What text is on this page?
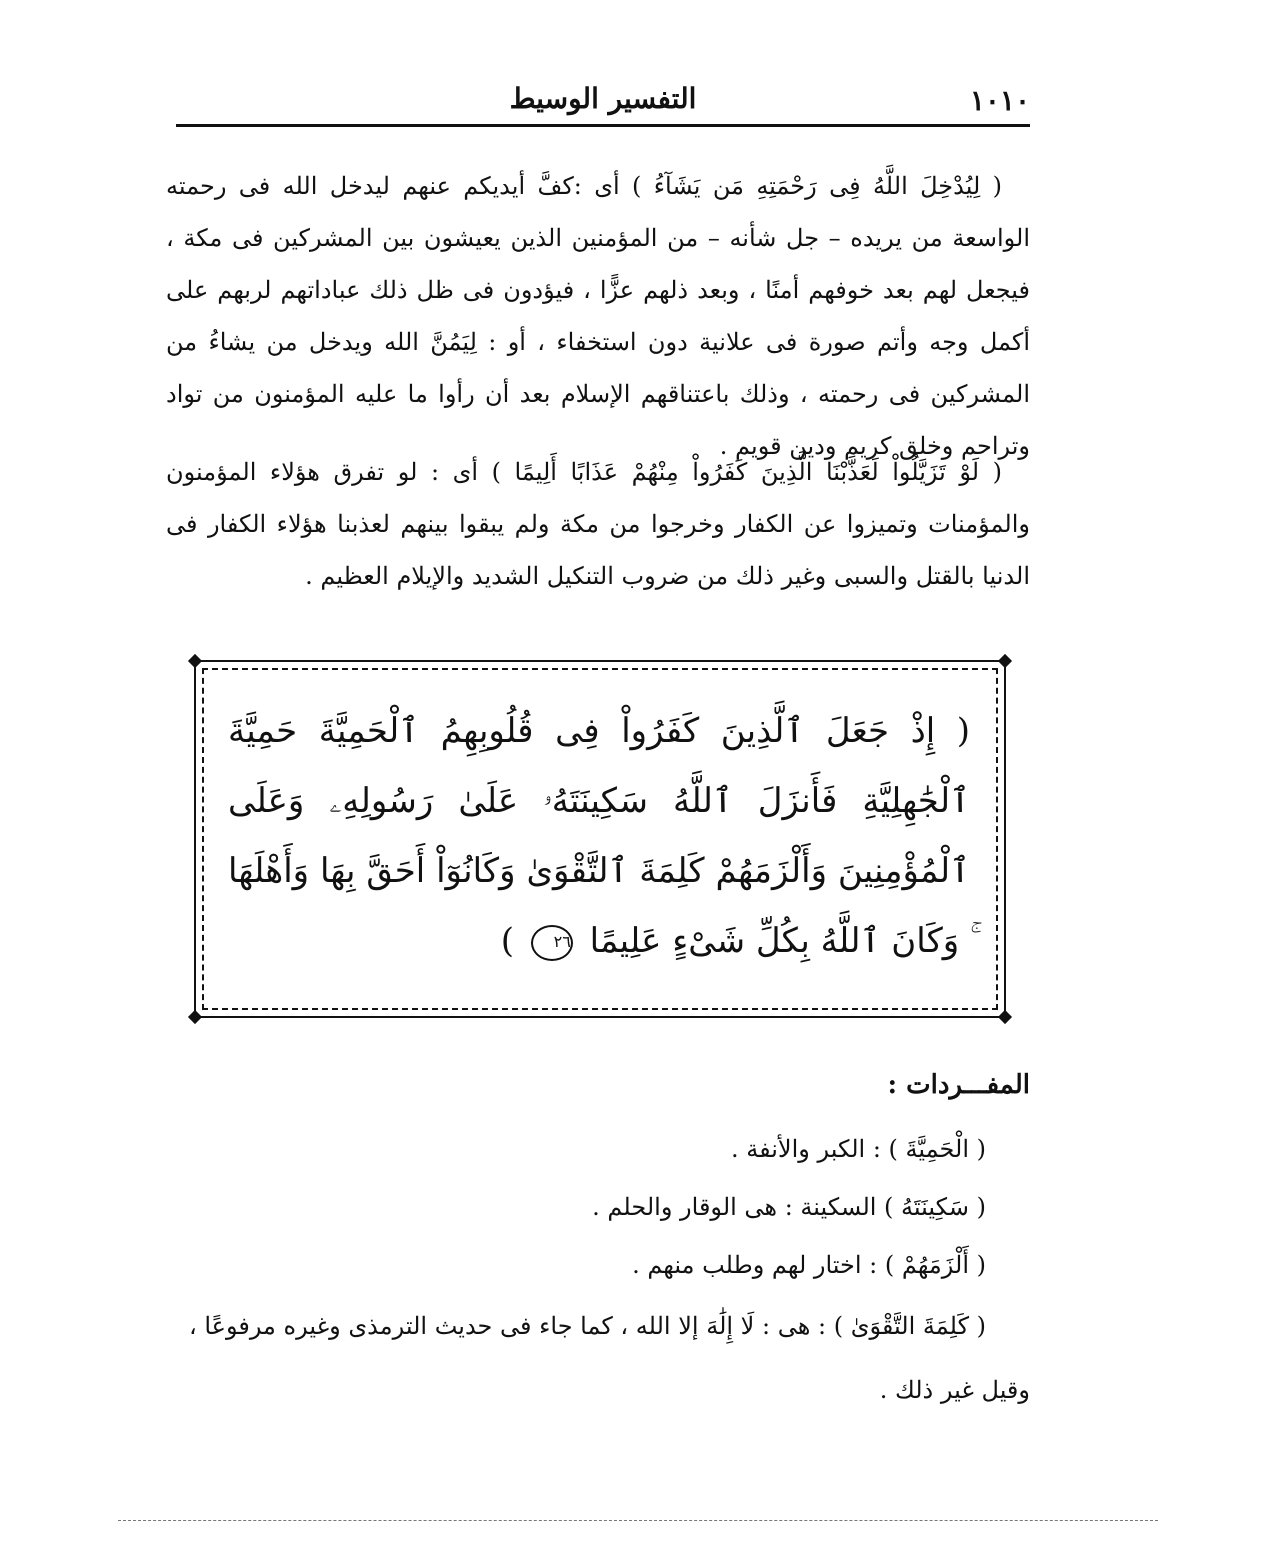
١٠١٠
التفسير الوسيط

( لِيُدْخِلَ اللَّهُ فِى رَحْمَتِهِ مَن يَشَآءُ ) أى :كفَّ أيديكم عنهم ليدخل الله فى رحمته الواسعة من يريده – جل شأنه – من المؤمنين الذين يعيشون بين المشركين فى مكة ، فيجعل لهم بعد خوفهم أمنًا ، وبعد ذلهم عزًّا ، فيؤدون فى ظل ذلك عباداتهم لربهم على أكمل وجه وأتم صورة فى علانية دون استخفاء ، أو : لِيَمُنَّ الله ويدخل من يشاءُ من المشركين فى رحمته ، وذلك باعتناقهم الإسلام بعد أن رأوا ما عليه المؤمنون من تواد وتراحم وخلق كريم ودين قويم .

( لَوْ تَزَيَّلُواْ لَعَذَّبْنَا الَّذِينَ كَفَرُواْ مِنْهُمْ عَذَابًا أَلِيمًا ) أى : لو تفرق هؤلاء المؤمنون والمؤمنات وتميزوا عن الكفار وخرجوا من مكة ولم يبقوا بينهم لعذبنا هؤلاء الكفار فى الدنيا بالقتل والسبى وغير ذلك من ضروب التنكيل الشديد والإيلام العظيم .

( إِذْ جَعَلَ ٱلَّذِينَ كَفَرُواْ فِى قُلُوبِهِمُ ٱلْحَمِيَّةَ حَمِيَّةَ ٱلْجَٰهِلِيَّةِ فَأَنزَلَ ٱللَّهُ سَكِينَتَهُۥ عَلَىٰ رَسُولِهِۦ وَعَلَى ٱلْمُؤْمِنِينَ وَأَلْزَمَهُمْ كَلِمَةَ ٱلتَّقْوَىٰ وَكَانُوٓاْ أَحَقَّ بِهَا وَأَهْلَهَا ۚ وَكَانَ ٱللَّهُ بِكُلِّ شَىْءٍ عَلِيمًا ٢٦ )
المفـــردات :
( الْحَمِيَّةَ ) : الكبر والأنفة .
( سَكِينَتَهُ ) السكينة : هى الوقار والحلم .
( أَلْزَمَهُمْ ) : اختار لهم وطلب منهم .
( كَلِمَةَ التَّقْوَىٰ ) : هى : لَا إِلَٰهَ إلا الله ، كما جاء فى حديث الترمذى وغيره مرفوعًا ،
وقيل غير ذلك .
